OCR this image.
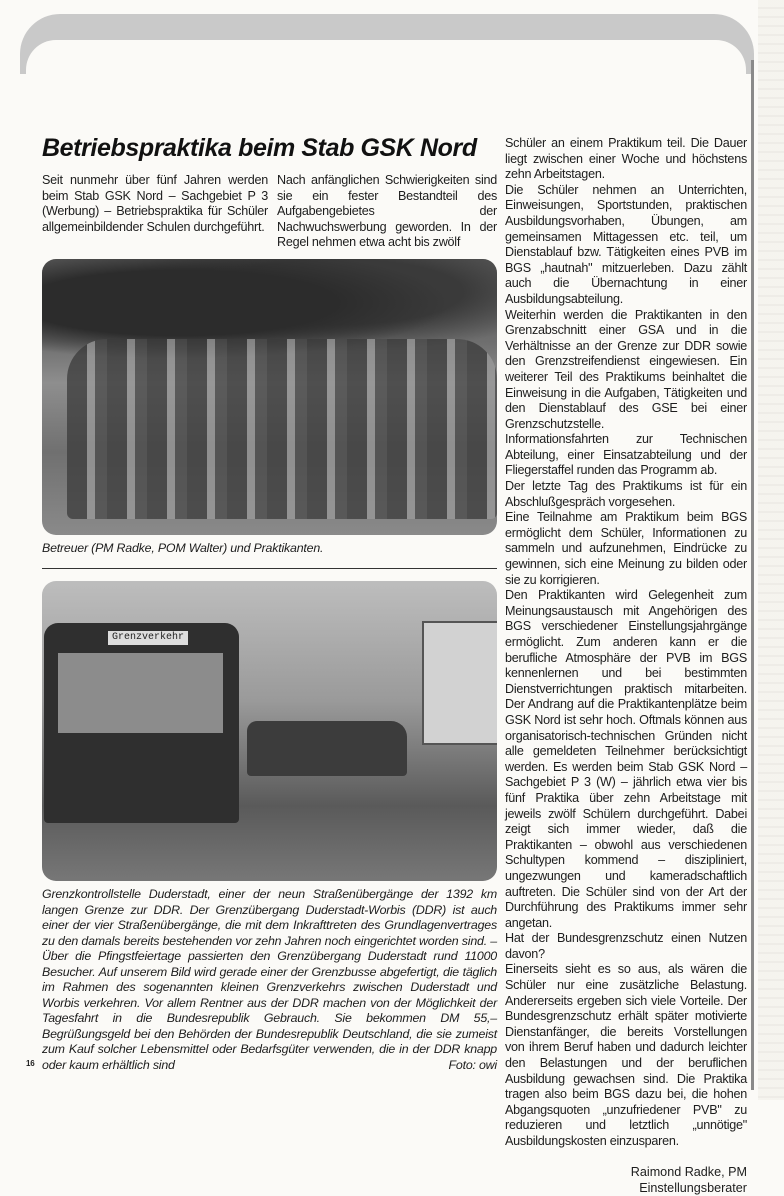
Betriebspraktika beim Stab GSK Nord

Seit nunmehr über fünf Jahren werden beim Stab GSK Nord – Sachgebiet P 3 (Werbung) – Betriebspraktika für Schüler allgemeinbildender Schulen durchgeführt.

Nach anfänglichen Schwierigkeiten sind sie ein fester Bestandteil des Aufgabengebietes der Nachwuchswerbung geworden. In der Regel nehmen etwa acht bis zwölf

Betreuer (PM Radke, POM Walter) und Praktikanten.

Grenzverkehr

Grenzkontrollstelle Duderstadt, einer der neun Straßenübergänge der 1392 km langen Grenze zur DDR. Der Grenzübergang Duderstadt-Worbis (DDR) ist auch einer der vier Straßenübergänge, die mit dem Inkrafttreten des Grundlagenvertrages zu den damals bereits bestehenden vor zehn Jahren noch eingerichtet worden sind. – Über die Pfingstfeiertage passierten den Grenzübergang Duderstadt rund 11000 Besucher. Auf unserem Bild wird gerade einer der Grenzbusse abgefertigt, die täglich im Rahmen des sogenannten kleinen Grenzverkehrs zwischen Duderstadt und Worbis verkehren. Vor allem Rentner aus der DDR machen von der Möglichkeit der Tagesfahrt in die Bundesrepublik Gebrauch. Sie bekommen DM 55,– Begrüßungsgeld bei den Behörden der Bundesrepublik Deutschland, die sie zumeist zum Kauf solcher Lebensmittel oder Bedarfsgüter verwenden, die in der DDR knapp oder kaum erhältlich sind	Foto: owi
16

Schüler an einem Praktikum teil. Die Dauer liegt zwischen einer Woche und höchstens zehn Arbeitstagen.

Die Schüler nehmen an Unterrichten, Einweisungen, Sportstunden, praktischen Ausbildungsvorhaben, Übungen, am gemeinsamen Mittagessen etc. teil, um Dienstablauf bzw. Tätigkeiten eines PVB im BGS „hautnah" mitzuerleben. Dazu zählt auch die Übernachtung in einer Ausbildungsabteilung.

Weiterhin werden die Praktikanten in den Grenzabschnitt einer GSA und in die Verhältnisse an der Grenze zur DDR sowie den Grenzstreifendienst eingewiesen. Ein weiterer Teil des Praktikums beinhaltet die Einweisung in die Aufgaben, Tätigkeiten und den Dienstablauf des GSE bei einer Grenzschutzstelle.

Informationsfahrten zur Technischen Abteilung, einer Einsatzabteilung und der Fliegerstaffel runden das Programm ab.

Der letzte Tag des Praktikums ist für ein Abschlußgespräch vorgesehen.

Eine Teilnahme am Praktikum beim BGS ermöglicht dem Schüler, Informationen zu sammeln und aufzunehmen, Eindrücke zu gewinnen, sich eine Meinung zu bilden oder sie zu korrigieren.

Den Praktikanten wird Gelegenheit zum Meinungsaustausch mit Angehörigen des BGS verschiedener Einstellungsjahrgänge ermöglicht. Zum anderen kann er die berufliche Atmosphäre der PVB im BGS kennenlernen und bei bestimmten Dienstverrichtungen praktisch mitarbeiten. Der Andrang auf die Praktikantenplätze beim GSK Nord ist sehr hoch. Oftmals können aus organisatorisch-technischen Gründen nicht alle gemeldeten Teilnehmer berücksichtigt werden. Es werden beim Stab GSK Nord – Sachgebiet P 3 (W) – jährlich etwa vier bis fünf Praktika über zehn Arbeitstage mit jeweils zwölf Schülern durchgeführt. Dabei zeigt sich immer wieder, daß die Praktikanten – obwohl aus verschiedenen Schultypen kommend – diszipliniert, ungezwungen und kameradschaftlich auftreten. Die Schüler sind von der Art der Durchführung des Praktikums immer sehr angetan.

Hat der Bundesgrenzschutz einen Nutzen davon?

Einerseits sieht es so aus, als wären die Schüler nur eine zusätzliche Belastung. Andererseits ergeben sich viele Vorteile. Der Bundesgrenzschutz erhält später motivierte Dienstanfänger, die bereits Vorstellungen von ihrem Beruf haben und dadurch leichter den Belastungen und der beruflichen Ausbildung gewachsen sind. Die Praktika tragen also beim BGS dazu bei, die hohen Abgangsquoten „unzufriedener PVB" zu reduzieren und letztlich „unnötige" Ausbildungskosten einzusparen.

Raimond Radke, PM
Einstellungsberater
